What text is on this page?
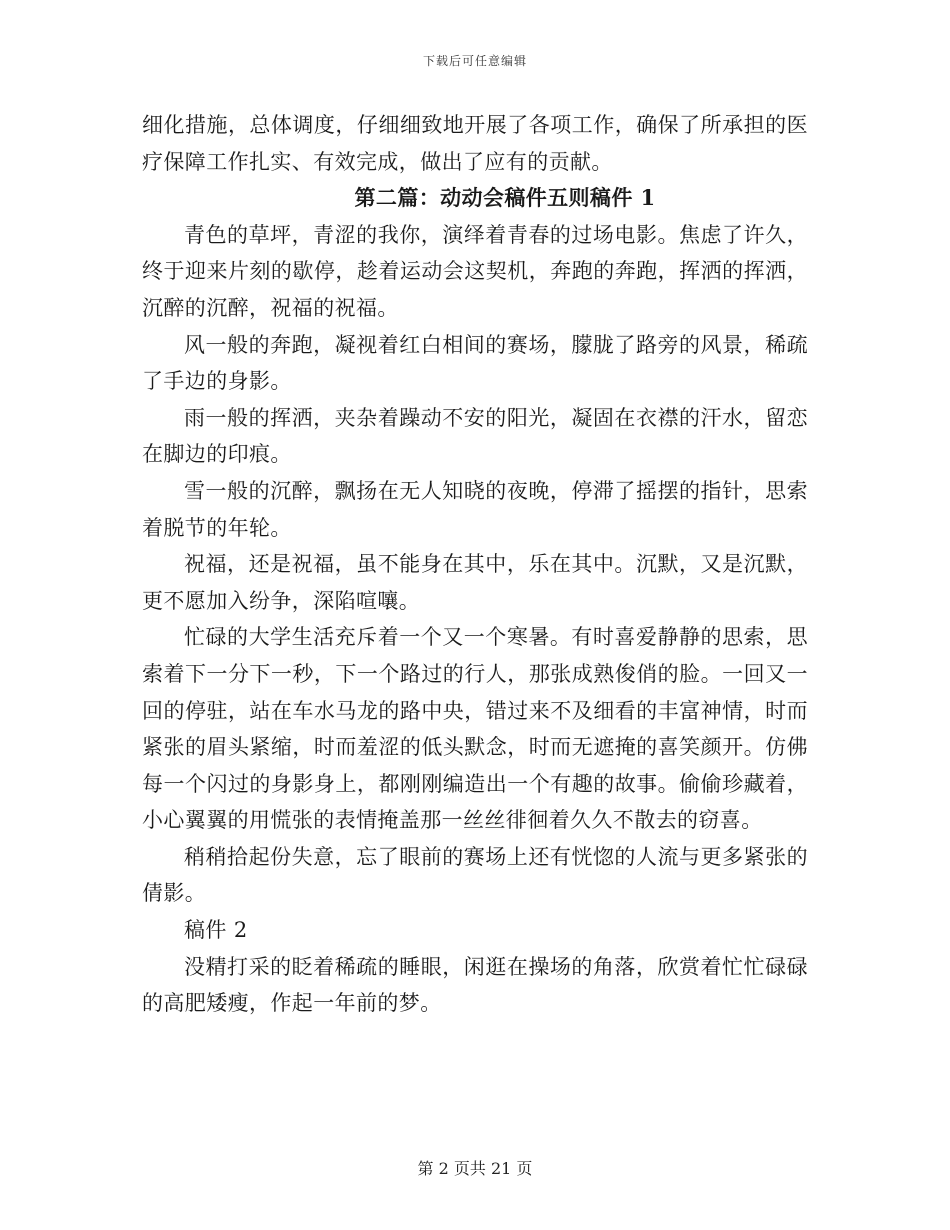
下载后可任意编辑

细化措施，总体调度，仔细细致地开展了各项工作，确保了所承担的医疗保障工作扎实、有效完成，做出了应有的贡献。

第二篇：动动会稿件五则稿件 1

青色的草坪，青涩的我你，演绎着青春的过场电影。焦虑了许久，终于迎来片刻的歇停，趁着运动会这契机，奔跑的奔跑，挥洒的挥洒，沉醉的沉醉，祝福的祝福。

风一般的奔跑，凝视着红白相间的赛场，朦胧了路旁的风景，稀疏了手边的身影。

雨一般的挥洒，夹杂着躁动不安的阳光，凝固在衣襟的汗水，留恋在脚边的印痕。

雪一般的沉醉，飘扬在无人知晓的夜晚，停滞了摇摆的指针，思索着脱节的年轮。

祝福，还是祝福，虽不能身在其中，乐在其中。沉默，又是沉默，更不愿加入纷争，深陷喧嚷。

忙碌的大学生活充斥着一个又一个寒暑。有时喜爱静静的思索，思索着下一分下一秒，下一个路过的行人，那张成熟俊俏的脸。一回又一回的停驻，站在车水马龙的路中央，错过来不及细看的丰富神情，时而紧张的眉头紧缩，时而羞涩的低头默念，时而无遮掩的喜笑颜开。仿佛每一个闪过的身影身上，都刚刚编造出一个有趣的故事。偷偷珍藏着，小心翼翼的用慌张的表情掩盖那一丝丝徘徊着久久不散去的窃喜。

稍稍拾起份失意，忘了眼前的赛场上还有恍惚的人流与更多紧张的倩影。

稿件 2

没精打采的眨着稀疏的睡眼，闲逛在操场的角落，欣赏着忙忙碌碌的高肥矮瘦，作起一年前的梦。

第 2 页共 21 页
